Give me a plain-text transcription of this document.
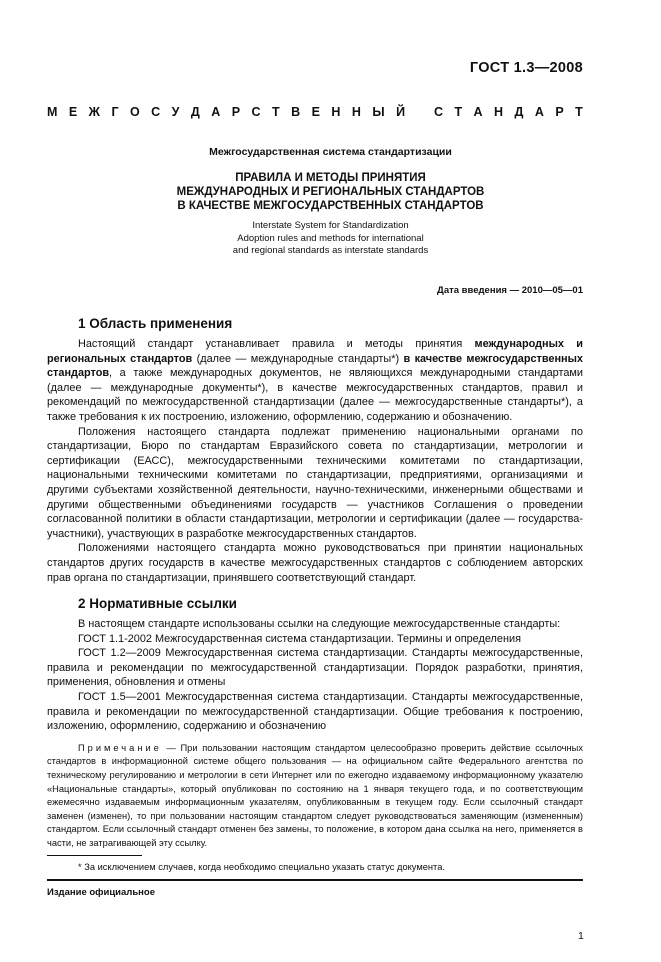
ГОСТ 1.3—2008
М Е Ж Г О С У Д А Р С Т В Е Н Н Ы Й С Т А Н Д А Р Т
Межгосударственная система стандартизации
ПРАВИЛА И МЕТОДЫ ПРИНЯТИЯ
МЕЖДУНАРОДНЫХ И РЕГИОНАЛЬНЫХ СТАНДАРТОВ
В КАЧЕСТВЕ МЕЖГОСУДАРСТВЕННЫХ СТАНДАРТОВ
Interstate System for Standardization
Adoption rules and methods for international
and regional standards as interstate standards
Дата введения — 2010—05—01
1 Область применения

Настоящий стандарт устанавливает правила и методы принятия международных и региональных стандартов (далее — международные стандарты*) в качестве межгосударственных стандартов, а также международных документов, не являющихся международными стандартами (далее — международные документы*), в качестве межгосударственных стандартов, правил и рекомендаций по межгосударственной стандартизации (далее — межгосударственные стандарты*), а также требования к их построению, изложению, оформлению, содержанию и обозначению.

Положения настоящего стандарта подлежат применению национальными органами по стандартизации, Бюро по стандартам Евразийского совета по стандартизации, метрологии и сертификации (ЕАСС), межгосударственными техническими комитетами по стандартизации, национальными техническими комитетами по стандартизации, предприятиями, организациями и другими субъектами хозяйственной деятельности, научно-техническими, инженерными обществами и другими общественными объединениями государств — участников Соглашения о проведении согласованной политики в области стандартизации, метрологии и сертификации (далее — государства-участники), участвующих в разработке межгосударственных стандартов.

Положениями настоящего стандарта можно руководствоваться при принятии национальных стандартов других государств в качестве межгосударственных стандартов с соблюдением авторских прав органа по стандартизации, принявшего соответствующий стандарт.

2 Нормативные ссылки

В настоящем стандарте использованы ссылки на следующие межгосударственные стандарты:

ГОСТ 1.1-2002 Межгосударственная система стандартизации. Термины и определения

ГОСТ 1.2—2009 Межгосударственная система стандартизации. Стандарты межгосударственные, правила и рекомендации по межгосударственной стандартизации. Порядок разработки, принятия, применения, обновления и отмены

ГОСТ 1.5—2001 Межгосударственная система стандартизации. Стандарты межгосударственные, правила и рекомендации по межгосударственной стандартизации. Общие требования к построению, изложению, оформлению, содержанию и обозначению

Примечание — При пользовании настоящим стандартом целесообразно проверить действие ссылочных стандартов в информационной системе общего пользования — на официальном сайте Федерального агентства по техническому регулированию и метрологии в сети Интернет или по ежегодно издаваемому информационному указателю «Национальные стандарты», который опубликован по состоянию на 1 января текущего года, и по соответствующим ежемесячно издаваемым информационным указателям, опубликованным в текущем году. Если ссылочный стандарт заменен (изменен), то при пользовании настоящим стандартом следует руководствоваться заменяющим (измененным) стандартом. Если ссылочный стандарт отменен без замены, то положение, в котором дана ссылка на него, применяется в части, не затрагивающей эту ссылку.

* За исключением случаев, когда необходимо специально указать статус документа.
Издание официальное
1
